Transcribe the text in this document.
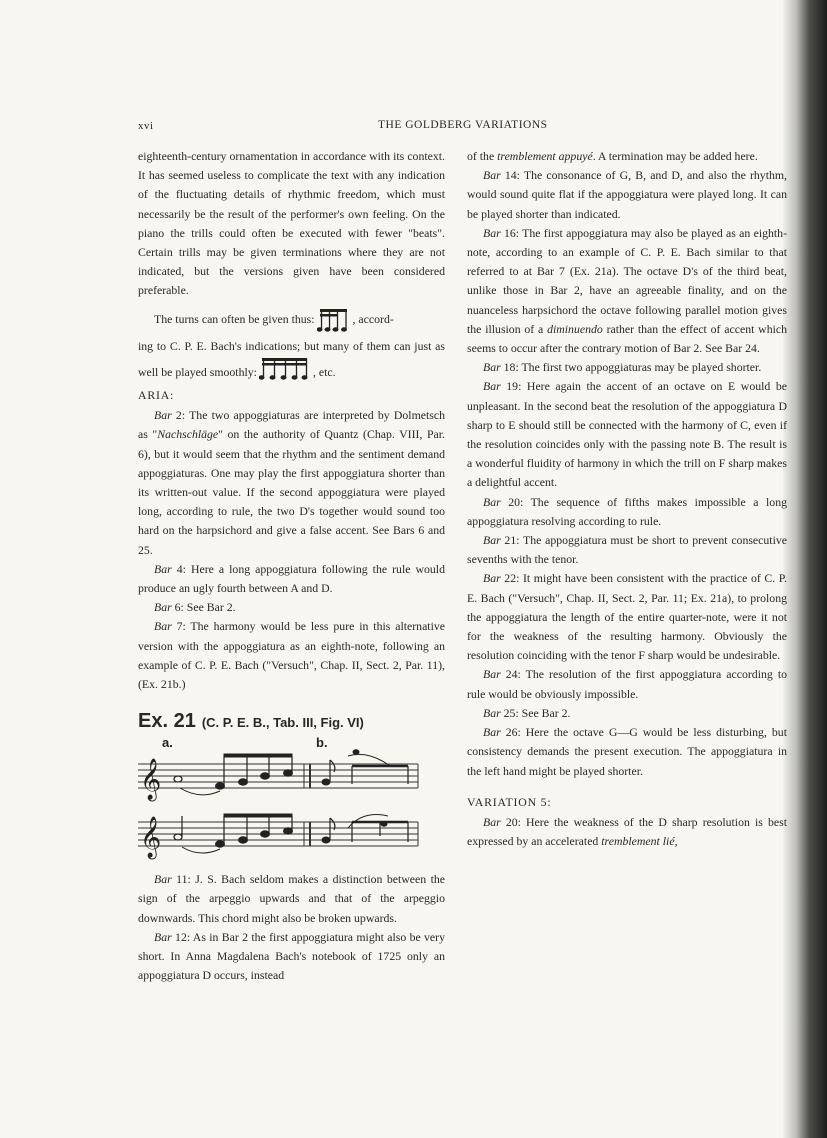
xvi	THE GOLDBERG VARIATIONS

eighteenth-century ornamentation in accordance with its context. It has seemed useless to complicate the text with any indication of the fluctuating details of rhythmic freedom, which must necessarily be the result of the performer's own feeling. On the piano the trills could often be executed with fewer "beats". Certain trills may be given terminations where they are not indicated, but the versions given have been considered preferable.

The turns can often be given thus:	, accord-

ing to C. P. E. Bach's indications; but many of them can just as well be played smoothly:	, etc.

ARIA:

Bar 2: The two appoggiaturas are interpreted by Dolmetsch as "Nachschläge" on the authority of Quantz (Chap. VIII, Par. 6), but it would seem that the rhythm and the sentiment demand appoggiaturas. One may play the first appoggiatura shorter than its written-out value. If the second appoggiatura were played long, according to rule, the two D's together would sound too hard on the harpsichord and give a false accent. See Bars 6 and 25.

Bar 4: Here a long appoggiatura following the rule would produce an ugly fourth between A and D.

Bar 6: See Bar 2.

Bar 7: The harmony would be less pure in this alternative version with the appoggiatura as an eighth-note, following an example of C. P. E. Bach ("Versuch", Chap. II, Sect. 2, Par. 11), (Ex. 21b.)

Ex. 21 (C. P. E. B., Tab. III, Fig. VI)
a.	b.
𝄞
𝄞

Bar 11: J. S. Bach seldom makes a distinction between the sign of the arpeggio upwards and that of the arpeggio downwards. This chord might also be broken upwards.

Bar 12: As in Bar 2 the first appoggiatura might also be very short. In Anna Magdalena Bach's notebook of 1725 only an appoggiatura D occurs, instead

of the tremblement appuyé. A termination may be added here.

Bar 14: The consonance of G, B, and D, and also the rhythm, would sound quite flat if the appoggiatura were played long. It can be played shorter than indicated.

Bar 16: The first appoggiatura may also be played as an eighth-note, according to an example of C. P. E. Bach similar to that referred to at Bar 7 (Ex. 21a). The octave D's of the third beat, unlike those in Bar 2, have an agreeable finality, and on the nuanceless harpsichord the octave following parallel motion gives the illusion of a diminuendo rather than the effect of accent which seems to occur after the contrary motion of Bar 2. See Bar 24.

Bar 18: The first two appoggiaturas may be played shorter.

Bar 19: Here again the accent of an octave on E would be unpleasant. In the second beat the resolution of the appoggiatura D sharp to E should still be connected with the harmony of C, even if the resolution coincides only with the passing note B. The result is a wonderful fluidity of harmony in which the trill on F sharp makes a delightful accent.

Bar 20: The sequence of fifths makes impossible a long appoggiatura resolving according to rule.

Bar 21: The appoggiatura must be short to prevent consecutive sevenths with the tenor.

Bar 22: It might have been consistent with the practice of C. P. E. Bach ("Versuch", Chap. II, Sect. 2, Par. 11; Ex. 21a), to prolong the appoggiatura the length of the entire quarter-note, were it not for the weakness of the resulting harmony. Obviously the resolution coinciding with the tenor F sharp would be undesirable.

Bar 24: The resolution of the first appoggiatura according to rule would be obviously impossible.

Bar 25: See Bar 2.

Bar 26: Here the octave G—G would be less disturbing, but consistency demands the present execution. The appoggiatura in the left hand might be played shorter.

VARIATION 5:

Bar 20: Here the weakness of the D sharp resolution is best expressed by an accelerated tremblement lié,
